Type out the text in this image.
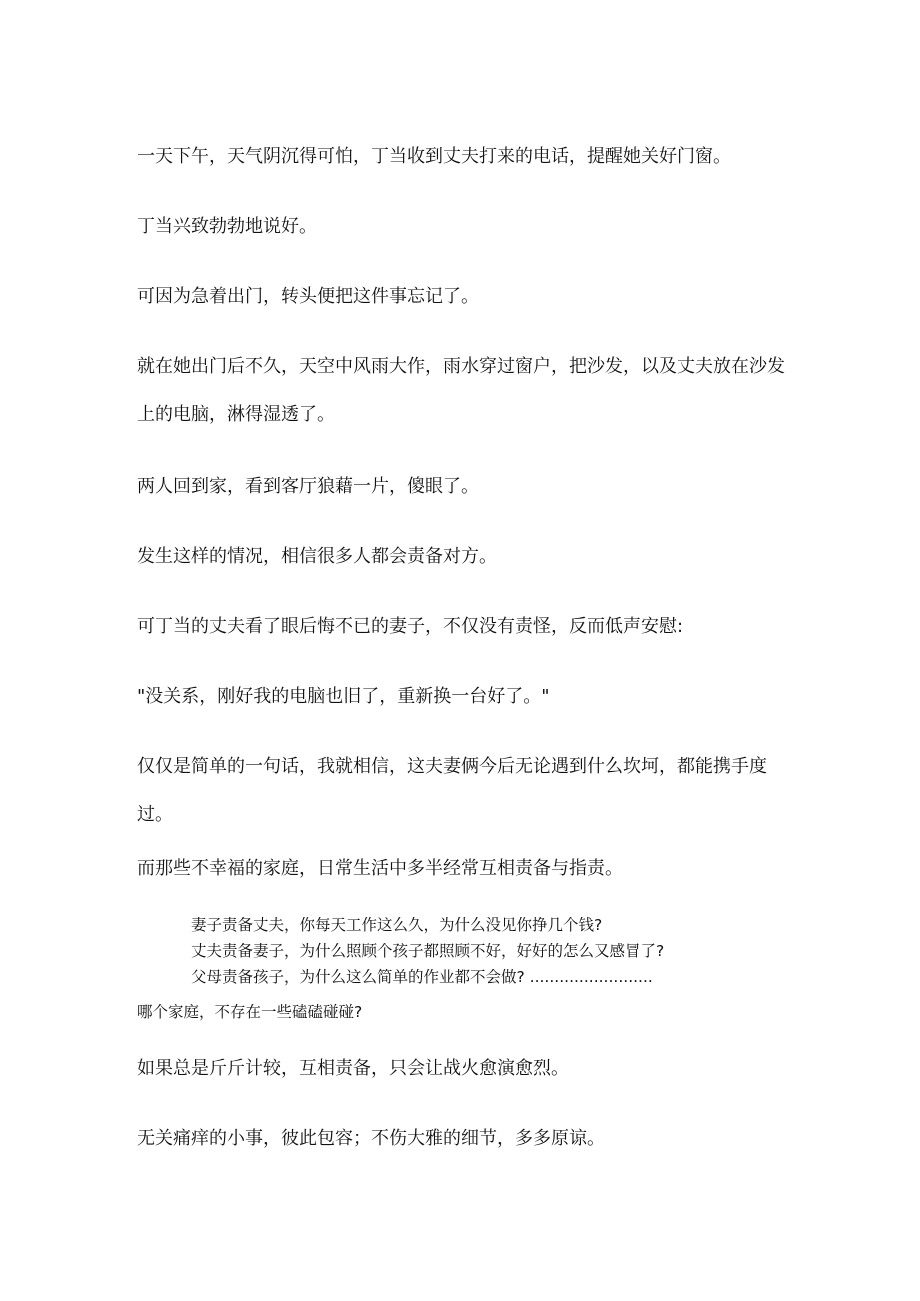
一天下午，天气阴沉得可怕，丁当收到丈夫打来的电话，提醒她关好门窗。

丁当兴致勃勃地说好。

可因为急着出门，转头便把这件事忘记了。

就在她出门后不久，天空中风雨大作，雨水穿过窗户，把沙发，以及丈夫放在沙发上的电脑，淋得湿透了。

两人回到家，看到客厅狼藉一片，傻眼了。

发生这样的情况，相信很多人都会责备对方。

可丁当的丈夫看了眼后悔不已的妻子，不仅没有责怪，反而低声安慰:

"没关系，刚好我的电脑也旧了，重新换一台好了。"

仅仅是简单的一句话，我就相信，这夫妻俩今后无论遇到什么坎坷，都能携手度过。

而那些不幸福的家庭，日常生活中多半经常互相责备与指责。

妻子责备丈夫，你每天工作这么久，为什么没见你挣几个钱?
丈夫责备妻子，为什么照顾个孩子都照顾不好，好好的怎么又感冒了?
父母责备孩子，为什么这么简单的作业都不会做? .........................
哪个家庭，不存在一些磕磕碰碰?

如果总是斤斤计较，互相责备，只会让战火愈演愈烈。

无关痛痒的小事，彼此包容；不伤大雅的细节，多多原谅。
